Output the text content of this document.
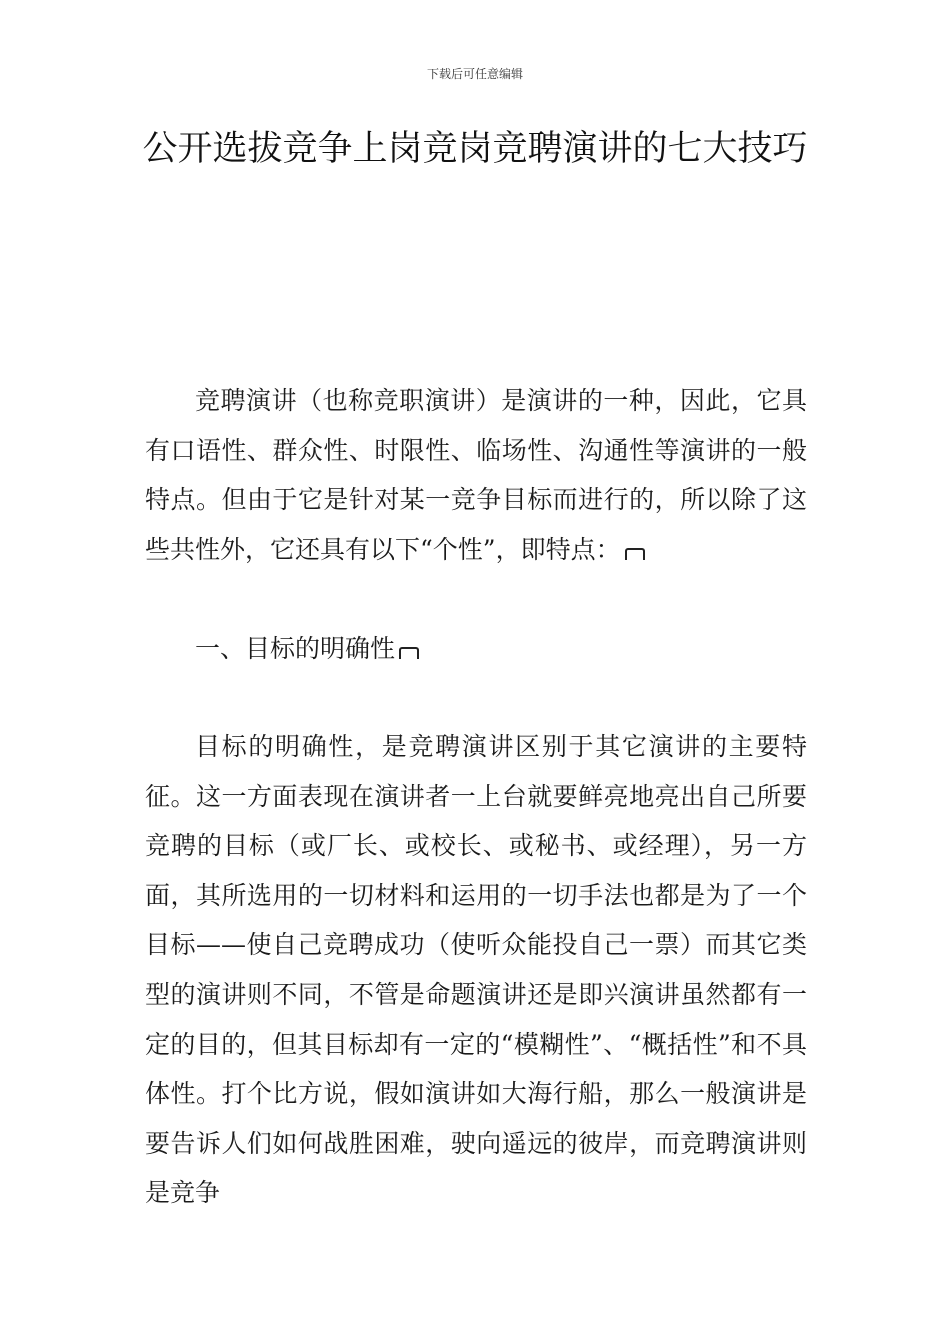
下载后可任意编辑
公开选拔竞争上岗竞岗竞聘演讲的七大技巧

竞聘演讲（也称竞职演讲）是演讲的一种，因此，它具有口语性、群众性、时限性、临场性、沟通性等演讲的一般特点。但由于它是针对某一竞争目标而进行的，所以除了这些共性外，它还具有以下“个性”，即特点：

一、目标的明确性

目标的明确性，是竞聘演讲区别于其它演讲的主要特征。这一方面表现在演讲者一上台就要鲜亮地亮出自己所要竞聘的目标（或厂长、或校长、或秘书、或经理），另一方面，其所选用的一切材料和运用的一切手法也都是为了一个目标——使自己竞聘成功（使听众能投自己一票）而其它类型的演讲则不同，不管是命题演讲还是即兴演讲虽然都有一定的目的，但其目标却有一定的“模糊性”、“概括性”和不具体性。打个比方说，假如演讲如大海行船，那么一般演讲是要告诉人们如何战胜困难，驶向遥远的彼岸，而竞聘演讲则是竞争
